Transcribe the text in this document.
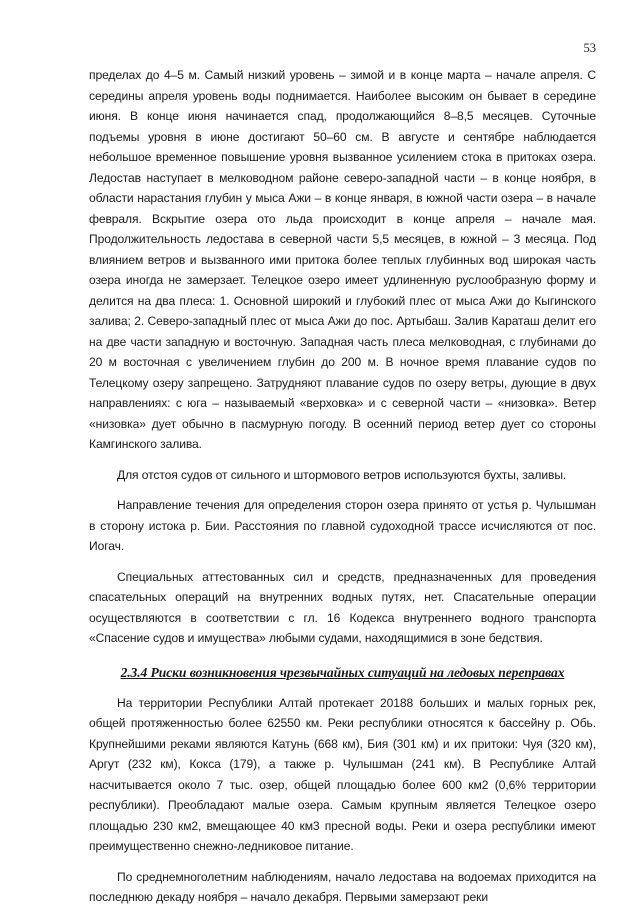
53

пределах до 4–5 м. Самый низкий уровень – зимой и в конце марта – начале апреля. С середины апреля уровень воды поднимается. Наиболее высоким он бывает в середине июня. В конце июня начинается спад, продолжающийся 8–8,5 месяцев. Суточные подъемы уровня в июне достигают 50–60 см. В августе и сентябре наблюдается небольшое временное повышение уровня вызванное усилением стока в притоках озера. Ледостав наступает в мелководном районе северо-западной части – в конце ноября, в области нарастания глубин у мыса Ажи – в конце января, в южной части озера – в начале февраля. Вскрытие озера ото льда происходит в конце апреля – начале мая. Продолжительность ледостава в северной части 5,5 месяцев, в южной – 3 месяца. Под влиянием ветров и вызванного ими притока более теплых глубинных вод широкая часть озера иногда не замерзает. Телецкое озеро имеет удлиненную руслообразную форму и делится на два плеса: 1. Основной широкий и глубокий плес от мыса Ажи до Кыгинского залива; 2. Северо-западный плес от мыса Ажи до пос. Артыбаш. Залив Караташ делит его на две части западную и восточную. Западная часть плеса мелководная, с глубинами до 20 м восточная с увеличением глубин до 200 м. В ночное время плавание судов по Телецкому озеру запрещено. Затрудняют плавание судов по озеру ветры, дующие в двух направлениях: с юга – называемый «верховка» и с северной части – «низовка». Ветер «низовка» дует обычно в пасмурную погоду. В осенний период ветер дует со стороны Камгинского залива.

Для отстоя судов от сильного и штормового ветров используются бухты, заливы.

Направление течения для определения сторон озера принято от устья р. Чулышман в сторону истока р. Бии. Расстояния по главной судоходной трассе исчисляются от пос. Иогач.

Специальных аттестованных сил и средств, предназначенных для проведения спасательных операций на внутренних водных путях, нет. Спасательные операции осуществляются в соответствии с гл. 16 Кодекса внутреннего водного транспорта «Спасение судов и имущества» любыми судами, находящимися в зоне бедствия.

2.3.4 Риски возникновения чрезвычайных ситуаций на ледовых переправах

На территории Республики Алтай протекает 20188 больших и малых горных рек, общей протяженностью более 62550 км. Реки республики относятся к бассейну р. Обь. Крупнейшими реками являются Катунь (668 км), Бия (301 км) и их притоки: Чуя (320 км), Аргут (232 км), Кокса (179), а также р. Чулышман (241 км). В Республике Алтай насчитывается около 7 тыс. озер, общей площадью более 600 км2 (0,6% территории республики). Преобладают малые озера. Самым крупным является Телецкое озеро площадью 230 км2, вмещающее 40 км3 пресной воды. Реки и озера республики имеют преимущественно снежно-ледниковое питание.

По среднемноголетним наблюдениям, начало ледостава на водоемах приходится на последнюю декаду ноября – начало декабря. Первыми замерзают реки
